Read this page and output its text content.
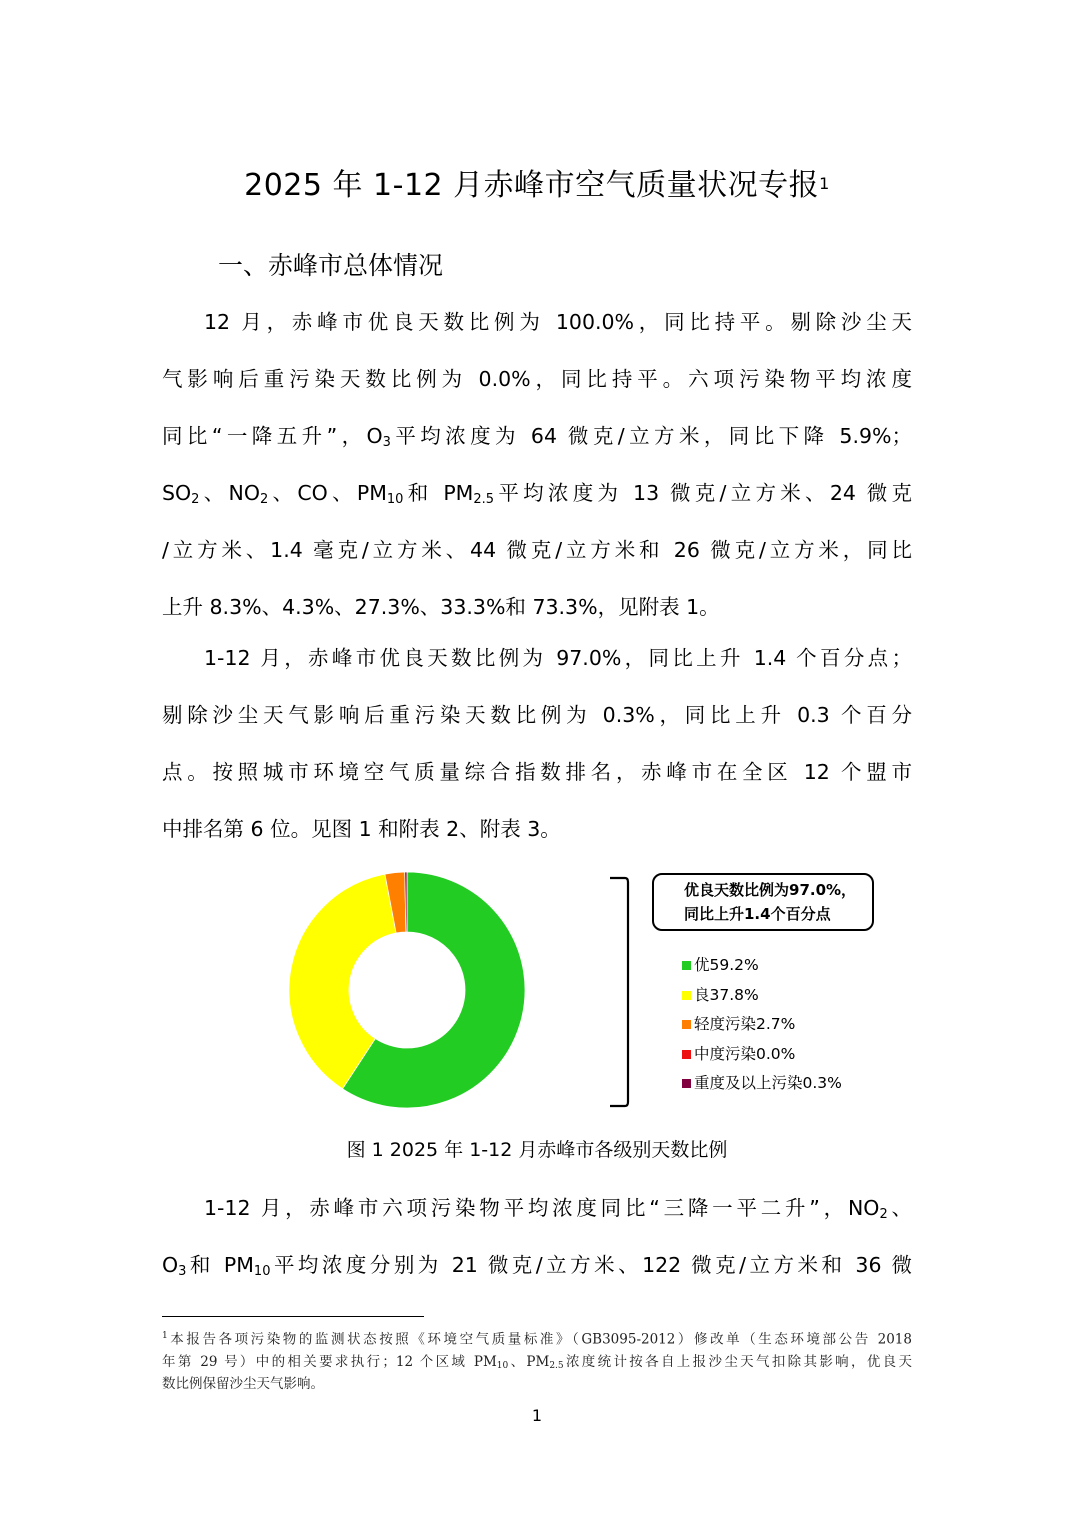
2025 年 1-12 月赤峰市空气质量状况专报$^1$
一、赤峰市总体情况
12 月，赤峰市优良天数比例为 100.0%，同比持平。剔除沙尘天
气影响后重污染天数比例为 0.0%，同比持平。六项污染物平均浓度
同比“一降五升”，$O_3$平均浓度为 64 微克/立方米，同比下降 5.9%；
$SO_2$、$NO_2$、CO、$PM_{10}$和 $PM_{2.5}$平均浓度为 13 微克/立方米、24 微克
/立方米、1.4 毫克/立方米、44 微克/立方米和 26 微克/立方米，同比
上升 8.3%、4.3%、27.3%、33.3%和 73.3%，见附表 1。
1-12 月，赤峰市优良天数比例为 97.0%，同比上升 1.4 个百分点；
剔除沙尘天气影响后重污染天数比例为 0.3%，同比上升 0.3 个百分
点。按照城市环境空气质量综合指数排名，赤峰市在全区 12 个盟市
中排名第 6 位。见图 1 和附表 2、附表 3。
优良天数比例为97.0%，
同比上升1.4个百分点
优59.2%
良37.8%
轻度污染2.7%
中度污染0.0%
重度及以上污染0.3%
图 1 2025 年 1-12 月赤峰市各级别天数比例
1-12 月，赤峰市六项污染物平均浓度同比“三降一平二升”，$NO_2$、
$O_3$和 $PM_{10}$平均浓度分别为 21 微克/立方米、122 微克/立方米和 36 微
$^1$本报告各项污染物的监测状态按照《环境空气质量标准》（GB3095-2012）修改单（生态环境部公告 2018
年第 29 号）中的相关要求执行；12 个区域 PM10、PM2.5浓度统计按各自上报沙尘天气扣除其影响，优良天
数比例保留沙尘天气影响。
1
